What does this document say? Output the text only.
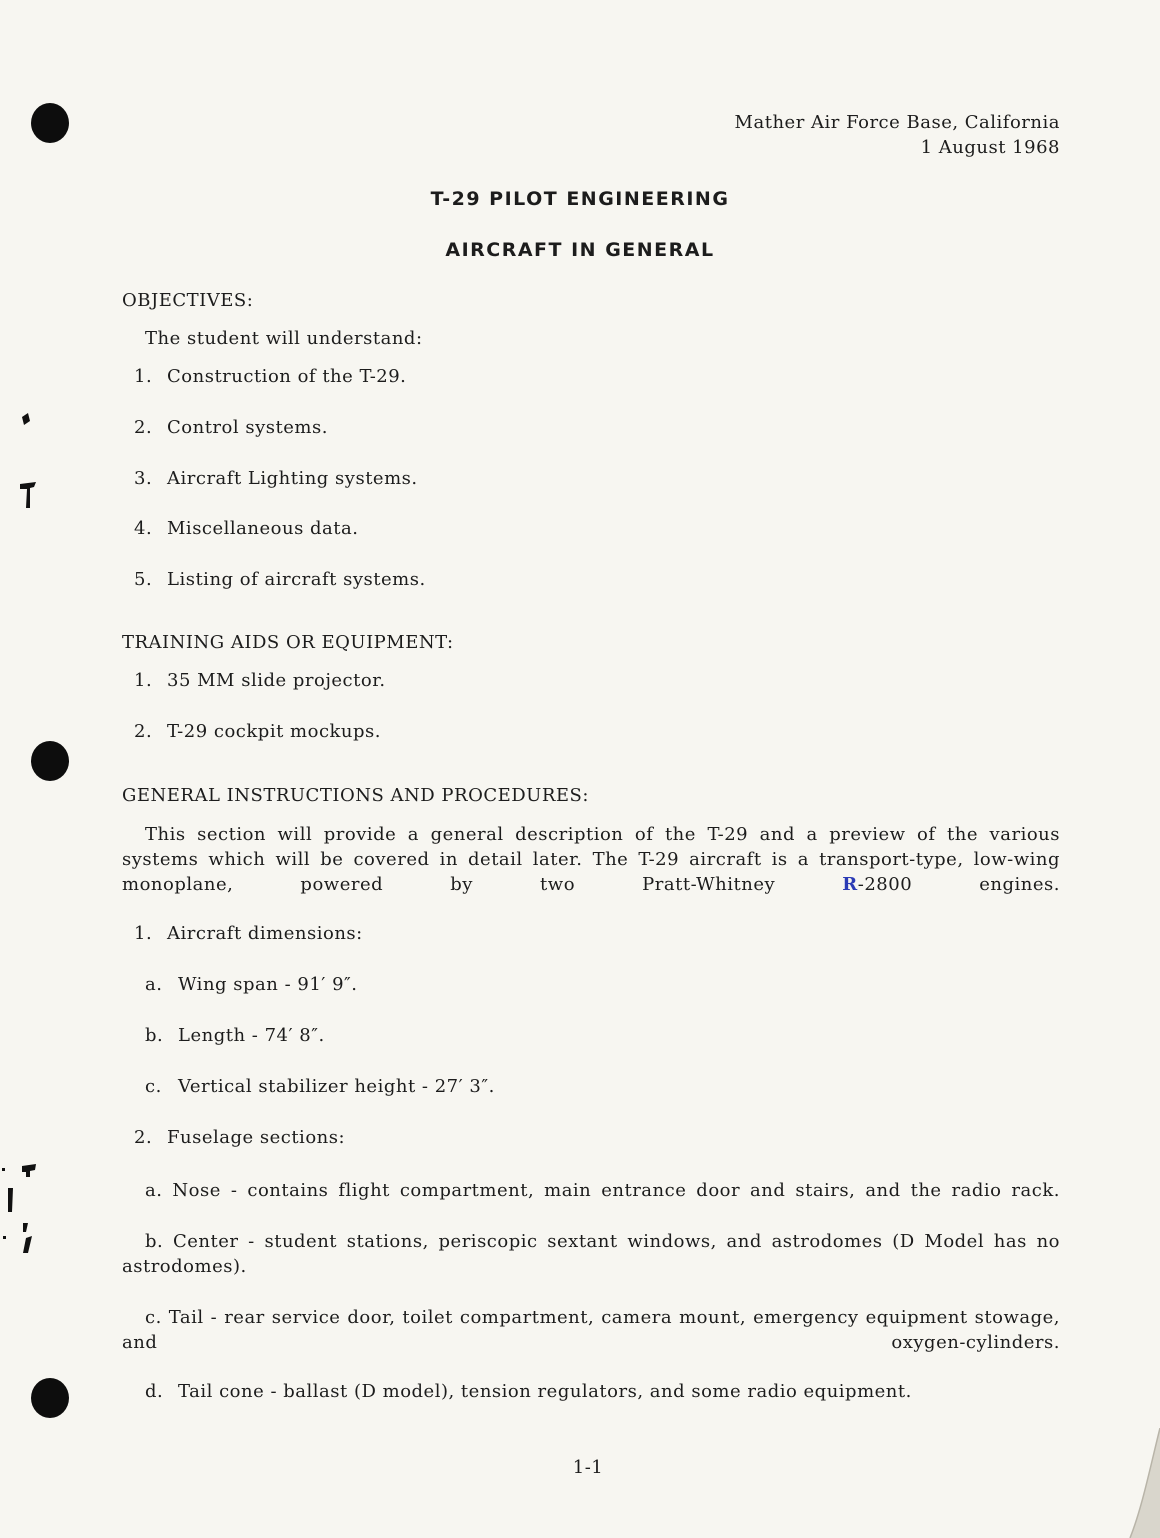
Mather Air Force Base, California
1 August 1968
T-29 PILOT ENGINEERING
AIRCRAFT IN GENERAL
OBJECTIVES:
The student will understand:
1. Construction of the T-29.
2. Control systems.
3. Aircraft Lighting systems.
4. Miscellaneous data.
5. Listing of aircraft systems.
TRAINING AIDS OR EQUIPMENT:
1. 35 MM slide projector.
2. T-29 cockpit mockups.
GENERAL INSTRUCTIONS AND PROCEDURES:
This section will provide a general description of the T-29 and a preview of the various systems which will be covered in detail later. The T-29 aircraft is a transport-type, low-wing monoplane, powered by two Pratt-Whitney R-2800 engines.
1. Aircraft dimensions:
a. Wing span - 91′ 9″.
b. Length - 74′ 8″.
c. Vertical stabilizer height - 27′ 3″.
2. Fuselage sections:
a. Nose - contains flight compartment, main entrance door and stairs, and the radio rack.
b. Center - student stations, periscopic sextant windows, and astrodomes (D Model has no astrodomes).
c. Tail - rear service door, toilet compartment, camera mount, emergency equipment stowage, and oxygen-cylinders.
d. Tail cone - ballast (D model), tension regulators, and some radio equipment.
1-1
